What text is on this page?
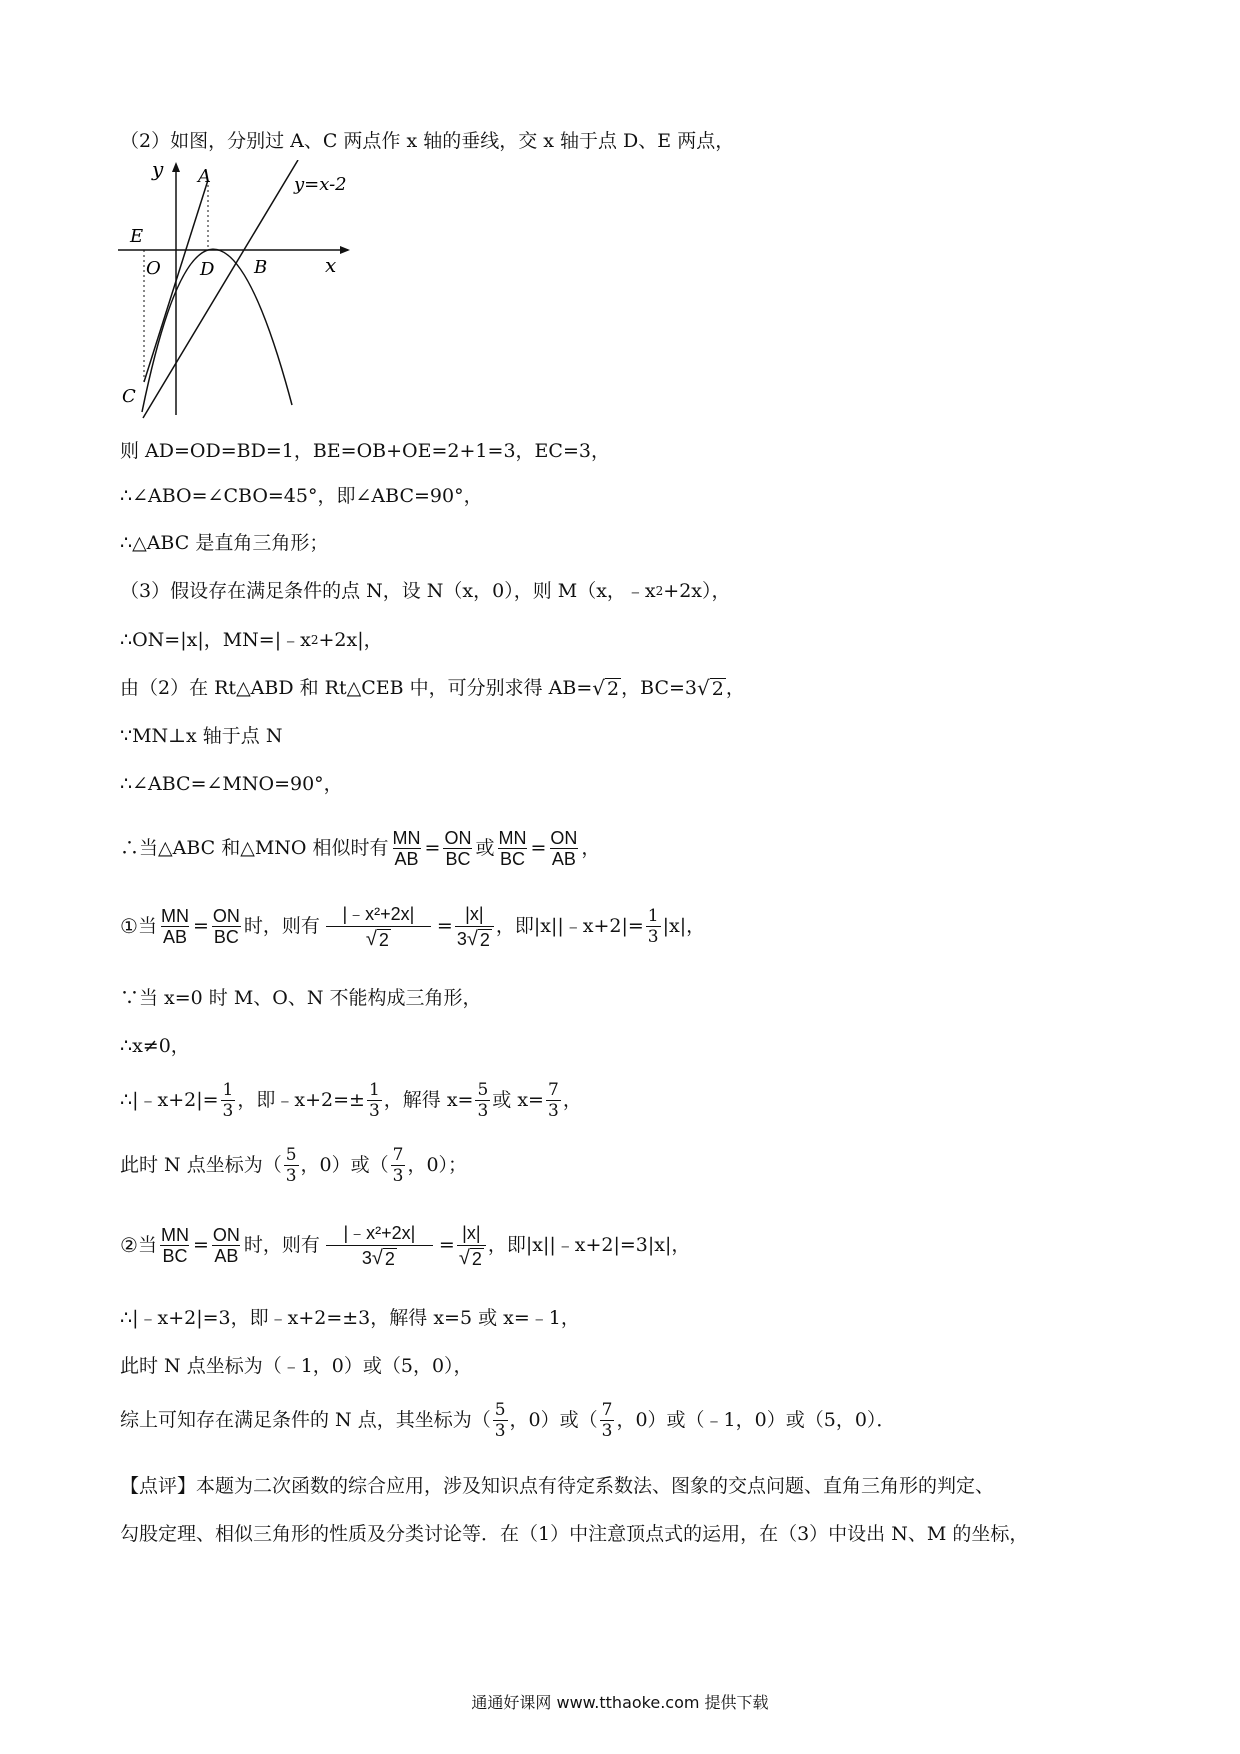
（2）如图，分别过 A、C 两点作 x 轴的垂线，交 x 轴于点 D、E 两点，
y
x
A
B
C
D
E
O
y=x-2
则 AD=OD=BD=1，BE=OB+OE=2+1=3，EC=3，
∴∠ABO=∠CBO=45°，即∠ABC=90°，
∴△ABC 是直角三角形；
（3）假设存在满足条件的点 N，设 N（x，0），则 M（x，﹣x 2 +2x），
∴ON=|x|，MN=|﹣x 2 +2x|，
由（2）在 Rt△ABD 和 Rt△CEB 中，可分别求得 AB= √ 2 ，BC=3 √ 2 ，
∵MN⊥x 轴于点 N
∴∠ABC=∠MNO=90°，
∴当△ABC 和△MNO 相似时有 $\frac{MN}{AB} = \frac{ON}{BC}$ 或 $\frac{MN}{BC} = \frac{ON}{AB}$ ，
① 当 $\frac{MN}{AB} = \frac{ON}{BC}$ 时，则有 $\frac{\text{|﹣x²+2x|}}{√ 2} = \frac{|x|}{3 √ 2}$ ，即|x||﹣x+2|= $\frac{1}{3} |x|$，
∵当 x=0 时 M、O、N 不能构成三角形，
∴x≠0，
∴|﹣x+2|= $\frac{1}{3}$ ，即﹣x+2=± $\frac{1}{3}$ ，解得 $x= \frac{5}{3}$ 或 $x= \frac{7}{3}$ ，
此时 N 点坐标为（ $\frac{5}{3}$ ，0）或（ $\frac{7}{3}$ ，0）；
② 当 $\frac{MN}{BC} = \frac{ON}{AB}$ 时，则有 $\frac{\text{|﹣x²+2x|}}{3 √ 2} = \frac{|x|}{√ 2}$ ，即|x||﹣x+2|=3|x|，
∴|﹣x+2|=3，即﹣x+2=±3，解得 x=5 或 x=﹣1，
此时 N 点坐标为（﹣1，0）或（5，0），
综上可知存在满足条件的 N 点，其坐标为（ $\frac{5}{3}$ ，0）或（ $\frac{7}{3}$ ，0）或（﹣1，0）或（5，0）．
【点评】本题为二次函数的综合应用，涉及知识点有待定系数法、图象的交点问题、直角三角形的判定、
勾股定理、相似三角形的性质及分类讨论等．在（1）中注意顶点式的运用，在（3）中设出 N、M 的坐标，
通通好课网 www.tthaoke.com 提供下载
